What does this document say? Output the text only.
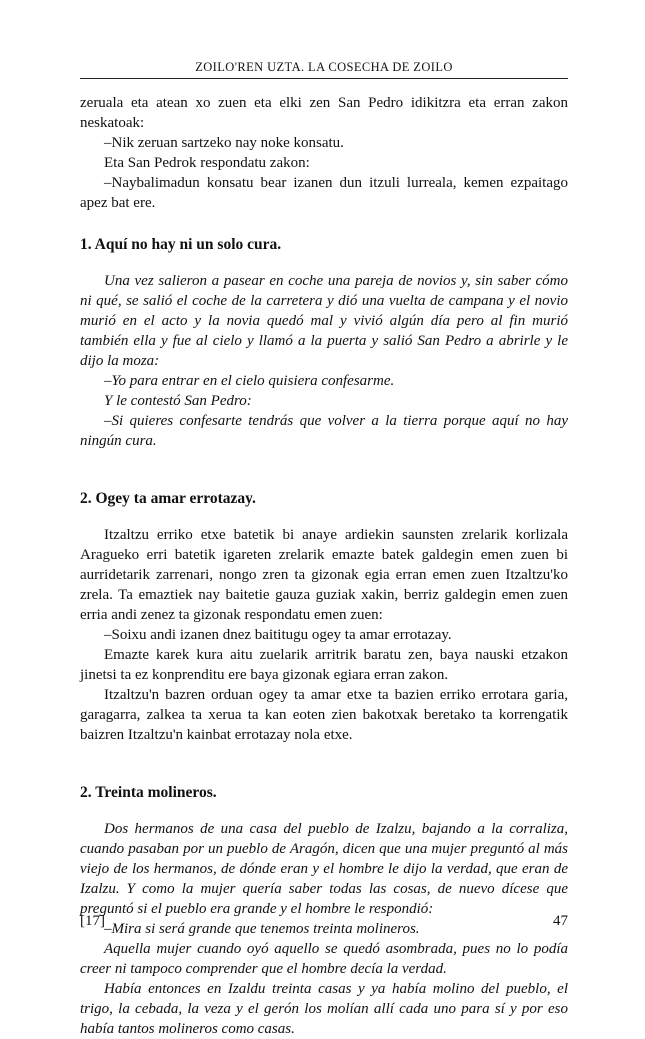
ZOILO'REN UZTA. LA COSECHA DE ZOILO

zeruala eta atean xo zuen eta elki zen San Pedro idikitzra eta erran zakon neskatoak:

–Nik zeruan sartzeko nay noke konsatu.

Eta San Pedrok respondatu zakon:

–Naybalimadun konsatu bear izanen dun itzuli lurreala, kemen ezpaitago apez bat ere.

1. Aquí no hay ni un solo cura.

Una vez salieron a pasear en coche una pareja de novios y, sin saber cómo ni qué, se salió el coche de la carretera y dió una vuelta de campana y el novio murió en el acto y la novia quedó mal y vivió algún día pero al fin murió también ella y fue al cielo y llamó a la puerta y salió San Pedro a abrirle y le dijo la moza:

–Yo para entrar en el cielo quisiera confesarme.

Y le contestó San Pedro:

–Si quieres confesarte tendrás que volver a la tierra porque aquí no hay ningún cura.

2. Ogey ta amar errotazay.

Itzaltzu erriko etxe batetik bi anaye ardiekin saunsten zrelarik korlizala Aragueko erri batetik igareten zrelarik emazte batek galdegin emen zuen bi aurridetarik zarrenari, nongo zren ta gizonak egia erran emen zuen Itzaltzu'ko zrela. Ta emaztiek nay baitetie gauza guziak xakin, berriz galdegin emen zuen erria andi zenez ta gizonak respondatu emen zuen:

–Soixu andi izanen dnez baititugu ogey ta amar errotazay.

Emazte karek kura aitu zuelarik arritrik baratu zen, baya nauski etzakon jinetsi ta ez konprenditu ere baya gizonak egiara erran zakon.

Itzaltzu'n bazren orduan ogey ta amar etxe ta bazien erriko errotara garia, garagarra, zalkea ta xerua ta kan eoten zien bakotxak beretako ta korrengatik baizren Itzaltzu'n kainbat errotazay nola etxe.

2. Treinta molineros.

Dos hermanos de una casa del pueblo de Izalzu, bajando a la corraliza, cuando pasaban por un pueblo de Aragón, dicen que una mujer preguntó al más viejo de los hermanos, de dónde eran y el hombre le dijo la verdad, que eran de Izalzu. Y como la mujer quería saber todas las cosas, de nuevo dícese que preguntó si el pueblo era grande y el hombre le respondió:

–Mira si será grande que tenemos treinta molineros.

Aquella mujer cuando oyó aquello se quedó asombrada, pues no lo podía creer ni tampoco comprender que el hombre decía la verdad.

Había entonces en Izaldu treinta casas y ya había molino del pueblo, el trigo, la cebada, la veza y el gerón los molían allí cada uno para sí y por eso había tantos molineros como casas.

[17]	47
